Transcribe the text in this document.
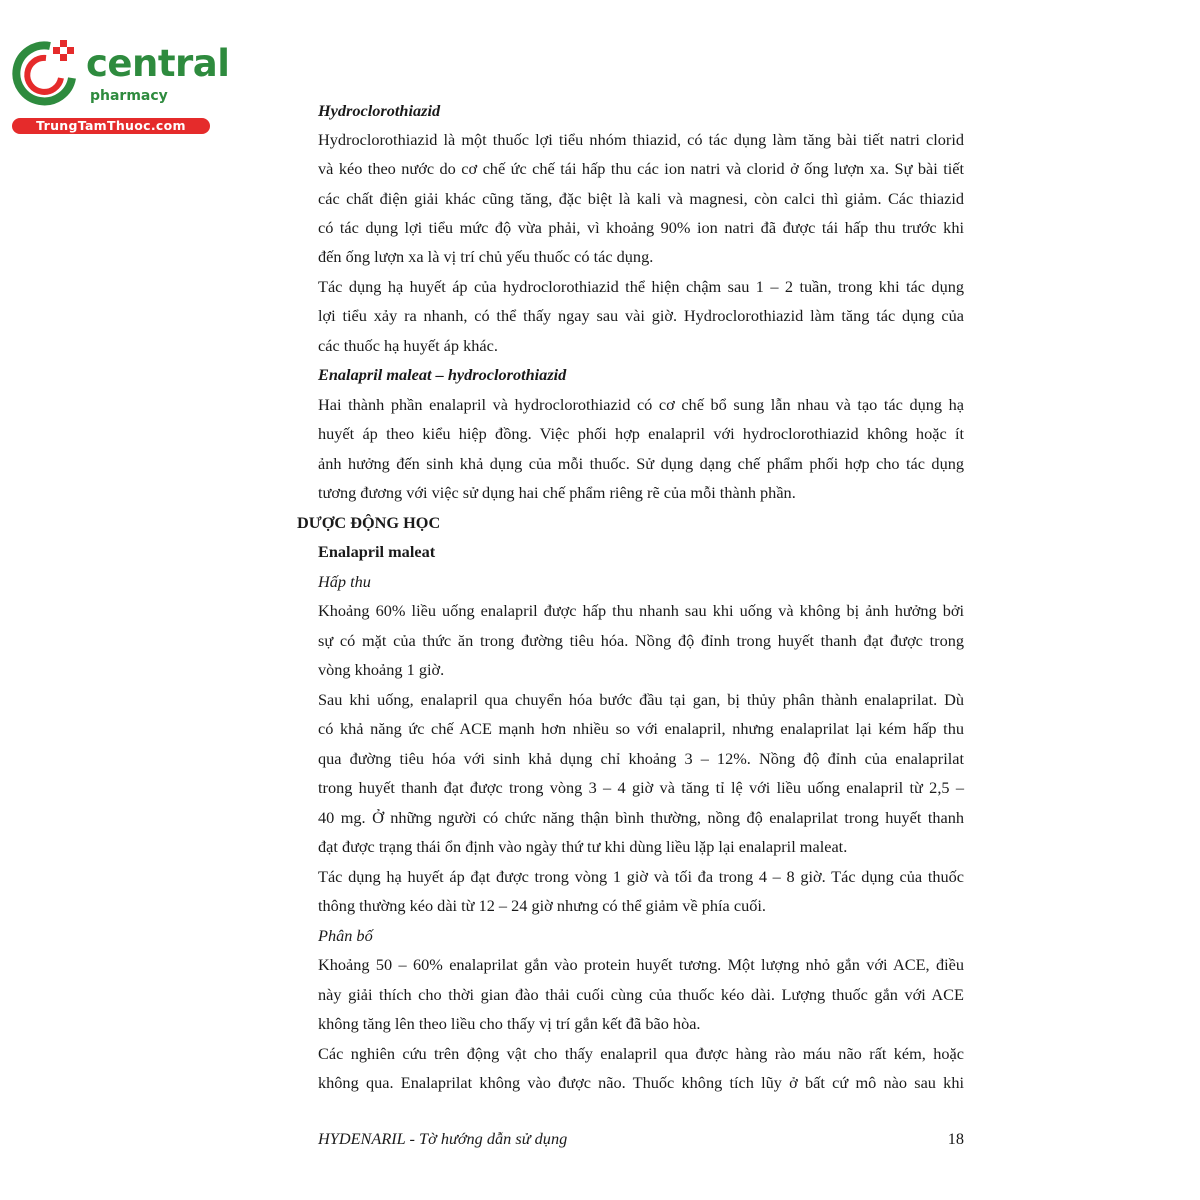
central
pharmacy
TrungTamThuoc.com
Hydroclorothiazid
Hydroclorothiazid là một thuốc lợi tiểu nhóm thiazid, có tác dụng làm tăng bài tiết natri clorid
và kéo theo nước do cơ chế ức chế tái hấp thu các ion natri và clorid ở ống lượn xa. Sự bài tiết
các chất điện giải khác cũng tăng, đặc biệt là kali và magnesi, còn calci thì giảm. Các thiazid
có tác dụng lợi tiểu mức độ vừa phải, vì khoảng 90% ion natri đã được tái hấp thu trước khi
đến ống lượn xa là vị trí chủ yếu thuốc có tác dụng.
Tác dụng hạ huyết áp của hydroclorothiazid thể hiện chậm sau 1 – 2 tuần, trong khi tác dụng
lợi tiểu xảy ra nhanh, có thể thấy ngay sau vài giờ. Hydroclorothiazid làm tăng tác dụng của
các thuốc hạ huyết áp khác.
Enalapril maleat – hydroclorothiazid
Hai thành phần enalapril và hydroclorothiazid có cơ chế bổ sung lẫn nhau và tạo tác dụng hạ
huyết áp theo kiểu hiệp đồng. Việc phối hợp enalapril với hydroclorothiazid không hoặc ít
ảnh hưởng đến sinh khả dụng của mỗi thuốc. Sử dụng dạng chế phẩm phối hợp cho tác dụng
tương đương với việc sử dụng hai chế phẩm riêng rẽ của mỗi thành phần.
DƯỢC ĐỘNG HỌC
Enalapril maleat
Hấp thu
Khoảng 60% liều uống enalapril được hấp thu nhanh sau khi uống và không bị ảnh hưởng bởi
sự có mặt của thức ăn trong đường tiêu hóa. Nồng độ đỉnh trong huyết thanh đạt được trong
vòng khoảng 1 giờ.
Sau khi uống, enalapril qua chuyển hóa bước đầu tại gan, bị thủy phân thành enalaprilat. Dù
có khả năng ức chế ACE mạnh hơn nhiều so với enalapril, nhưng enalaprilat lại kém hấp thu
qua đường tiêu hóa với sinh khả dụng chỉ khoảng 3 – 12%. Nồng độ đỉnh của enalaprilat
trong huyết thanh đạt được trong vòng 3 – 4 giờ và tăng tỉ lệ với liều uống enalapril từ 2,5 –
40 mg. Ở những người có chức năng thận bình thường, nồng độ enalaprilat trong huyết thanh
đạt được trạng thái ổn định vào ngày thứ tư khi dùng liều lặp lại enalapril maleat.
Tác dụng hạ huyết áp đạt được trong vòng 1 giờ và tối đa trong 4 – 8 giờ. Tác dụng của thuốc
thông thường kéo dài từ 12 – 24 giờ nhưng có thể giảm về phía cuối.
Phân bố
Khoảng 50 – 60% enalaprilat gắn vào protein huyết tương. Một lượng nhỏ gắn với ACE, điều
này giải thích cho thời gian đào thải cuối cùng của thuốc kéo dài. Lượng thuốc gắn với ACE
không tăng lên theo liều cho thấy vị trí gắn kết đã bão hòa.
Các nghiên cứu trên động vật cho thấy enalapril qua được hàng rào máu não rất kém, hoặc
không qua. Enalaprilat không vào được não. Thuốc không tích lũy ở bất cứ mô nào sau khi
HYDENARIL - Tờ hướng dẫn sử dụng	18
